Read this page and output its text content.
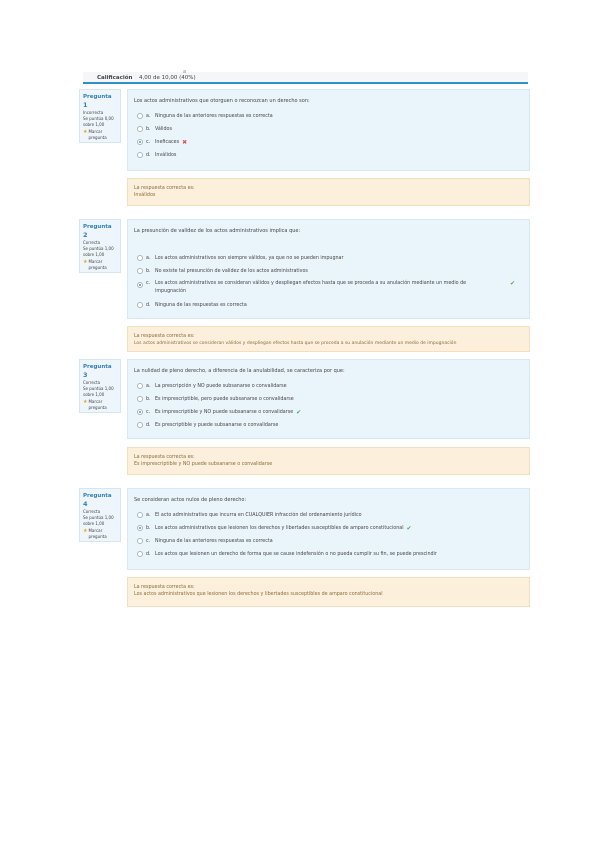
a
Calificación 4,00 de 10,00 (40%)
Pregunta 1
Incorrecta
Se puntúa 0,00 sobre 1,00
★ Marcar pregunta
Los actos administrativos que otorguen o reconozcan un derecho son:
a. Ninguna de las anteriores respuestas es correcta
b. Válidos
c.	Ineficaces ✖
d. Inválidos
La respuesta correcta es:
Inválidos
Pregunta 2
Correcta
Se puntúa 1,00 sobre 1,00
★ Marcar pregunta
La presunción de validez de los actos administrativos implica que:
a. Los actos administrativos son siempre válidos, ya que no se pueden impugnar
b. No existe tal presunción de validez de los actos administrativos
c.	Los actos administrativos se consideran válidos y despliegan efectos hasta que se proceda a su anulación mediante un medio de
impugnación
✔
d. Ninguna de las respuestas es correcta
La respuesta correcta es:
Los actos administrativos se consideran válidos y despliegan efectos hasta que se proceda a su anulación mediante un medio de impugnación
Pregunta 3
Correcta
Se puntúa 1,00 sobre 1,00
★ Marcar pregunta
La nulidad de pleno derecho, a diferencia de la anulabilidad, se caracteriza por que:
a. La prescripción y NO puede subsanarse o convalidarse
b. Es imprescriptible, pero puede subsanarse o convalidarse
c.	Es imprescriptible y NO puede subsanarse o convalidarse ✔
d. Es prescriptible y puede subsanarse o convalidarse
La respuesta correcta es:
Es imprescriptible y NO puede subsanarse o convalidarse
Pregunta 4
Correcta
Se puntúa 1,00 sobre 1,00
★ Marcar pregunta
Se consideran actos nulos de pleno derecho:
a. El acto administrativo que incurra en CUALQUIER infracción del ordenamiento jurídico
b. Los actos administrativos que lesionen los derechos y libertades susceptibles de amparo constitucional ✔
c.	Ninguna de las anteriores respuestas es correcta
d. Los actos que lesionen un derecho de forma que se cause indefensión o no pueda cumplir su fin, se puede prescindir
La respuesta correcta es:
Los actos administrativos que lesionen los derechos y libertades susceptibles de amparo constitucional
